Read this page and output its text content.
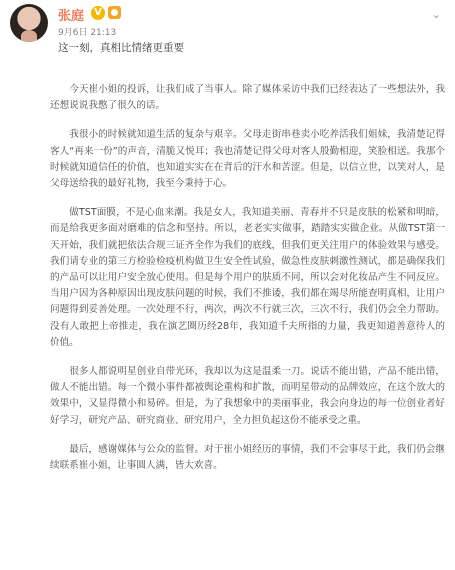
张庭	V
9月6日 21:13
⌄
这一刻，真相比情绪更重要

今天崔小姐的投诉，让我们成了当事人。除了媒体采访中我们已经表达了一些想法外，我还想说说我憋了很久的话。

我很小的时候就知道生活的复杂与艰辛。父母走街串巷卖小吃养活我们姐妹，我清楚记得客人“再来一份”的声音，清脆又悦耳；我也清楚记得父母对客人殷勤相迎，笑脸相送。我那个时候就知道信任的价值，也知道实实在在背后的汗水和苦涩。但是，以信立世，以笑对人，是父母送给我的最好礼物，我至今秉持于心。

做TST面膜，不是心血来潮。我是女人，我知道美丽、青春并不只是皮肤的松紧和明暗，而是给我更多面对磨难的信念和坚持。所以，老老实实做事，踏踏实实做企业。从做TST第一天开始，我们就把依法合规三证齐全作为我们的底线，但我们更关注用户的体验效果与感受。我们请专业的第三方检验检疫机构做卫生安全性试验，做急性皮肤刺激性测试，都是确保我们的产品可以让用户安全放心使用。但是每个用户的肤质不同，所以会对化妆品产生不同反应。当用户因为各种原因出现皮肤问题的时候，我们不推诿，我们都在竭尽所能查明真相，让用户问题得到妥善处理。一次处理不行，两次，两次不行就三次，三次不行，我们仍会全力帮助。没有人敢把上帝推走，我在演艺圈历经28年，我知道千夫所指的力量，我更知道善意待人的价值。

很多人都说明星创业自带光环，我却以为这是温柔一刀。说话不能出错，产品不能出错，做人不能出错。每一个微小事件都被舆论重构和扩散，而明星带动的品牌效应，在这个放大的效果中，又显得微小和易碎。但是，为了我想象中的美丽事业，我会向身边的每一位创业者好好学习，研究产品、研究商业、研究用户，全力担负起这份不能承受之重。

最后，感谢媒体与公众的监督。对于崔小姐经历的事情，我们不会事尽于此，我们仍会继续联系崔小姐，让事圆人满，皆大欢喜。
